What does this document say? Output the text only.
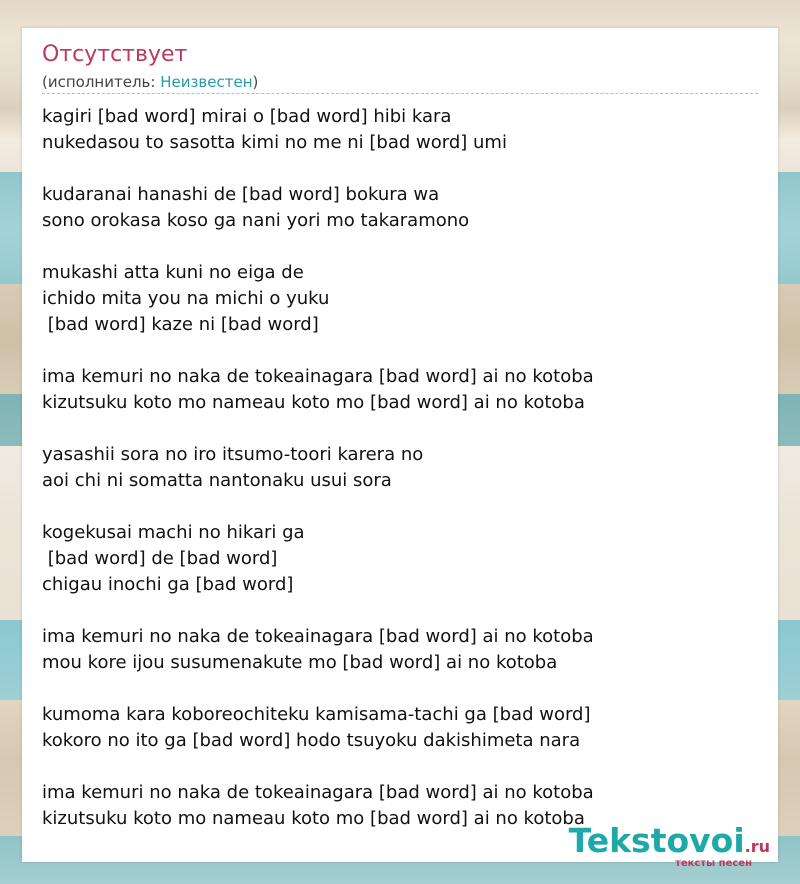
Отсутствует
(исполнитель: Неизвестен)
kagiri [bad word] mirai o [bad word] hibi kara
nukedasou to sasotta kimi no me ni [bad word] umi
kudaranai hanashi de [bad word] bokura wa
sono orokasa koso ga nani yori mo takaramono
mukashi atta kuni no eiga de
ichido mita you na michi o yuku
[bad word] kaze ni [bad word]
ima kemuri no naka de tokeainagara [bad word] ai no kotoba
kizutsuku koto mo nameau koto mo [bad word] ai no kotoba
yasashii sora no iro itsumo-toori karera no
aoi chi ni somatta nantonaku usui sora
kogekusai machi no hikari ga
[bad word] de [bad word]
chigau inochi ga [bad word]
ima kemuri no naka de tokeainagara [bad word] ai no kotoba
mou kore ijou susumenakute mo [bad word] ai no kotoba
kumoma kara koboreochiteku kamisama-tachi ga [bad word]
kokoro no ito ga [bad word] hodo tsuyoku dakishimeta nara
ima kemuri no naka de tokeainagara [bad word] ai no kotoba
kizutsuku koto mo nameau koto mo [bad word] ai no kotoba
Tekstovoi.ru
тексты песен
